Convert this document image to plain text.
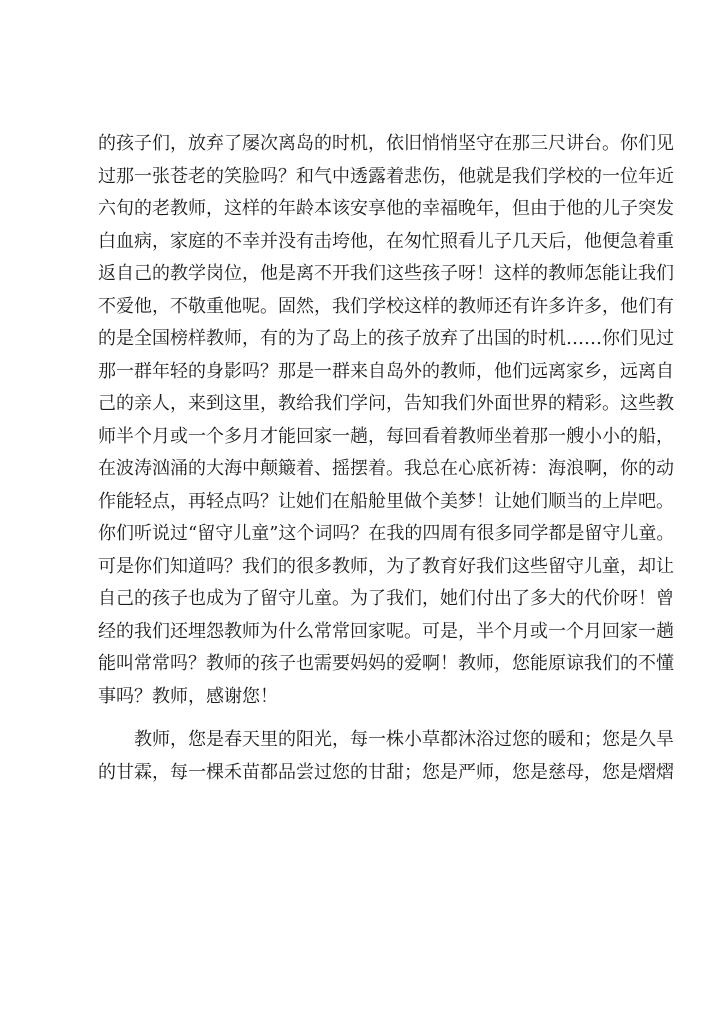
的孩子们，放弃了屡次离岛的时机，依旧悄悄坚守在那三尺讲台。你们见
过那一张苍老的笑脸吗？和气中透露着悲伤，他就是我们学校的一位年近
六旬的老教师，这样的年龄本该安享他的幸福晚年，但由于他的儿子突发
白血病，家庭的不幸并没有击垮他，在匆忙照看儿子几天后，他便急着重
返自己的教学岗位，他是离不开我们这些孩子呀！这样的教师怎能让我们
不爱他，不敬重他呢。固然，我们学校这样的教师还有许多许多，他们有
的是全国榜样教师，有的为了岛上的孩子放弃了出国的时机……你们见过
那一群年轻的身影吗？那是一群来自岛外的教师，他们远离家乡，远离自
己的亲人，来到这里，教给我们学问，告知我们外面世界的精彩。这些教
师半个月或一个多月才能回家一趟，每回看着教师坐着那一艘小小的船，
在波涛汹涌的大海中颠簸着、摇摆着。我总在心底祈祷：海浪啊，你的动
作能轻点，再轻点吗？让她们在船舱里做个美梦！让她们顺当的上岸吧。
你们听说过“留守儿童”这个词吗？在我的四周有很多同学都是留守儿童。
可是你们知道吗？我们的很多教师，为了教育好我们这些留守儿童，却让
自己的孩子也成为了留守儿童。为了我们，她们付出了多大的代价呀！曾
经的我们还埋怨教师为什么常常回家呢。可是，半个月或一个月回家一趟
能叫常常吗？教师的孩子也需要妈妈的爱啊！教师，您能原谅我们的不懂
事吗？教师，感谢您！
　　教师，您是春天里的阳光，每一株小草都沐浴过您的暖和；您是久旱
的甘霖，每一棵禾苗都品尝过您的甘甜；您是严师，您是慈母，您是熠熠
